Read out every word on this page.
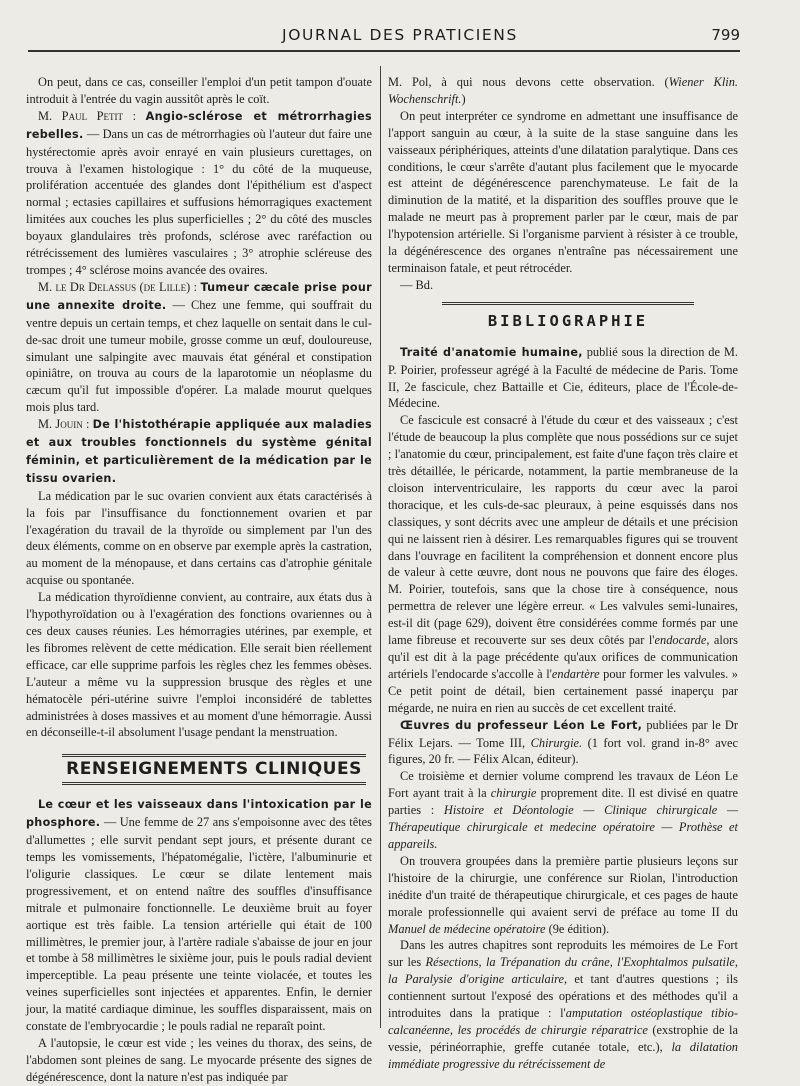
JOURNAL DES PRATICIENS	799

On peut, dans ce cas, conseiller l'emploi d'un petit tampon d'ouate introduit à l'entrée du vagin aussitôt après le coït.

M. Paul Petit : Angio-sclérose et métrorrhagies rebelles. — Dans un cas de métrorrhagies où l'auteur dut faire une hystérectomie après avoir enrayé en vain plusieurs curettages, on trouva à l'examen histologique : 1° du côté de la muqueuse, prolifération accentuée des glandes dont l'épithélium est d'aspect normal ; ectasies capillaires et suffusions hémorragiques exactement limitées aux couches les plus superficielles ; 2° du côté des muscles boyaux glandulaires très profonds, sclérose avec raréfaction ou rétrécissement des lumières vasculaires ; 3° atrophie scléreuse des trompes ; 4° sclérose moins avancée des ovaires.

M. le Dr Delassus (de Lille) : Tumeur cæcale prise pour une annexite droite. — Chez une femme, qui souffrait du ventre depuis un certain temps, et chez laquelle on sentait dans le cul-de-sac droit une tumeur mobile, grosse comme un œuf, douloureuse, simulant une salpingite avec mauvais état général et constipation opiniâtre, on trouva au cours de la laparotomie un néoplasme du cæcum qu'il fut impossible d'opérer. La malade mourut quelques mois plus tard.

M. Jouin : De l'histothérapie appliquée aux maladies et aux troubles fonctionnels du système génital féminin, et particulièrement de la médication par le tissu ovarien.

La médication par le suc ovarien convient aux états caractérisés à la fois par l'insuffisance du fonctionnement ovarien et par l'exagération du travail de la thyroïde ou simplement par l'un des deux éléments, comme on en observe par exemple après la castration, au moment de la ménopause, et dans certains cas d'atrophie génitale acquise ou spontanée.

La médication thyroïdienne convient, au contraire, aux états dus à l'hypothyroïdation ou à l'exagération des fonctions ovariennes ou à ces deux causes réunies. Les hémorragies utérines, par exemple, et les fibromes relèvent de cette médication. Elle serait bien réellement efficace, car elle supprime parfois les règles chez les femmes obèses. L'auteur a même vu la suppression brusque des règles et une hématocèle péri-utérine suivre l'emploi inconsidéré de tablettes administrées à doses massives et au moment d'une hémorragie. Aussi en déconseille-t-il absolument l'usage pendant la menstruation.

RENSEIGNEMENTS CLINIQUES

Le cœur et les vaisseaux dans l'intoxication par le phosphore. — Une femme de 27 ans s'empoisonne avec des têtes d'allumettes ; elle survit pendant sept jours, et présente durant ce temps les vomissements, l'hépatomégalie, l'ictère, l'albuminurie et l'oligurie classiques. Le cœur se dilate lentement mais progressivement, et on entend naître des souffles d'insuffisance mitrale et pulmonaire fonctionnelle. Le deuxième bruit au foyer aortique est très faible. La tension artérielle qui était de 100 millimètres, le premier jour, à l'artère radiale s'abaisse de jour en jour et tombe à 58 millimètres le sixième jour, puis le pouls radial devient imperceptible. La peau présente une teinte violacée, et toutes les veines superficielles sont injectées et apparentes. Enfin, le dernier jour, la matité cardiaque diminue, les souffles disparaissent, mais on constate de l'embryocardie ; le pouls radial ne reparaît point.

A l'autopsie, le cœur est vide ; les veines du thorax, des seins, de l'abdomen sont pleines de sang. Le myocarde présente des signes de dégénérescence, dont la nature n'est pas indiquée par

M. Pol, à qui nous devons cette observation. (Wiener Klin. Wochenschrift.)

On peut interpréter ce syndrome en admettant une insuffisance de l'apport sanguin au cœur, à la suite de la stase sanguine dans les vaisseaux périphériques, atteints d'une dilatation paralytique. Dans ces conditions, le cœur s'arrête d'autant plus facilement que le myocarde est atteint de dégénérescence parenchymateuse. Le fait de la diminution de la matité, et la disparition des souffles prouve que le malade ne meurt pas à proprement parler par le cœur, mais de par l'hypotension artérielle. Si l'organisme parvient à résister à ce trouble, la dégénérescence des organes n'entraîne pas nécessairement une terminaison fatale, et peut rétrocéder.

— Bd.

BIBLIOGRAPHIE

Traité d'anatomie humaine, publié sous la direction de M. P. Poirier, professeur agrégé à la Faculté de médecine de Paris. Tome II, 2e fascicule, chez Battaille et Cie, éditeurs, place de l'École-de-Médecine.

Ce fascicule est consacré à l'étude du cœur et des vaisseaux ; c'est l'étude de beaucoup la plus complète que nous possédions sur ce sujet ; l'anatomie du cœur, principalement, est faite d'une façon très claire et très détaillée, le péricarde, notamment, la partie membraneuse de la cloison interventriculaire, les rapports du cœur avec la paroi thoracique, et les culs-de-sac pleuraux, à peine esquissés dans nos classiques, y sont décrits avec une ampleur de détails et une précision qui ne laissent rien à désirer. Les remarquables figures qui se trouvent dans l'ouvrage en facilitent la compréhension et donnent encore plus de valeur à cette œuvre, dont nous ne pouvons que faire des éloges. M. Poirier, toutefois, sans que la chose tire à conséquence, nous permettra de relever une légère erreur. « Les valvules semi-lunaires, est-il dit (page 629), doivent être considérées comme formés par une lame fibreuse et recouverte sur ses deux côtés par l'endocarde, alors qu'il est dit à la page précédente qu'aux orifices de communication artériels l'endocarde s'accolle à l'endartère pour former les valvules. » Ce petit point de détail, bien certainement passé inaperçu par mégarde, ne nuira en rien au succès de cet excellent traité.

Œuvres du professeur Léon Le Fort, publiées par le Dr Félix Lejars. — Tome III, Chirurgie. (1 fort vol. grand in-8° avec figures, 20 fr. — Félix Alcan, éditeur).

Ce troisième et dernier volume comprend les travaux de Léon Le Fort ayant trait à la chirurgie proprement dite. Il est divisé en quatre parties : Histoire et Déontologie — Clinique chirurgicale — Thérapeutique chirurgicale et medecine opératoire — Prothèse et appareils.

On trouvera groupées dans la première partie plusieurs leçons sur l'histoire de la chirurgie, une conférence sur Riolan, l'introduction inédite d'un traité de thérapeutique chirurgicale, et ces pages de haute morale professionnelle qui avaient servi de préface au tome II du Manuel de médecine opératoire (9e édition).

Dans les autres chapitres sont reproduits les mémoires de Le Fort sur les Résections, la Trépanation du crâne, l'Exophtalmos pulsatile, la Paralysie d'origine articulaire, et tant d'autres questions ; ils contiennent surtout l'exposé des opérations et des méthodes qu'il a introduites dans la pratique : l'amputation ostéoplastique tibio-calcanéenne, les procédés de chirurgie réparatrice (exstrophie de la vessie, périnéorraphie, greffe cutanée totale, etc.), la dilatation immédiate progressive du rétrécissement de
